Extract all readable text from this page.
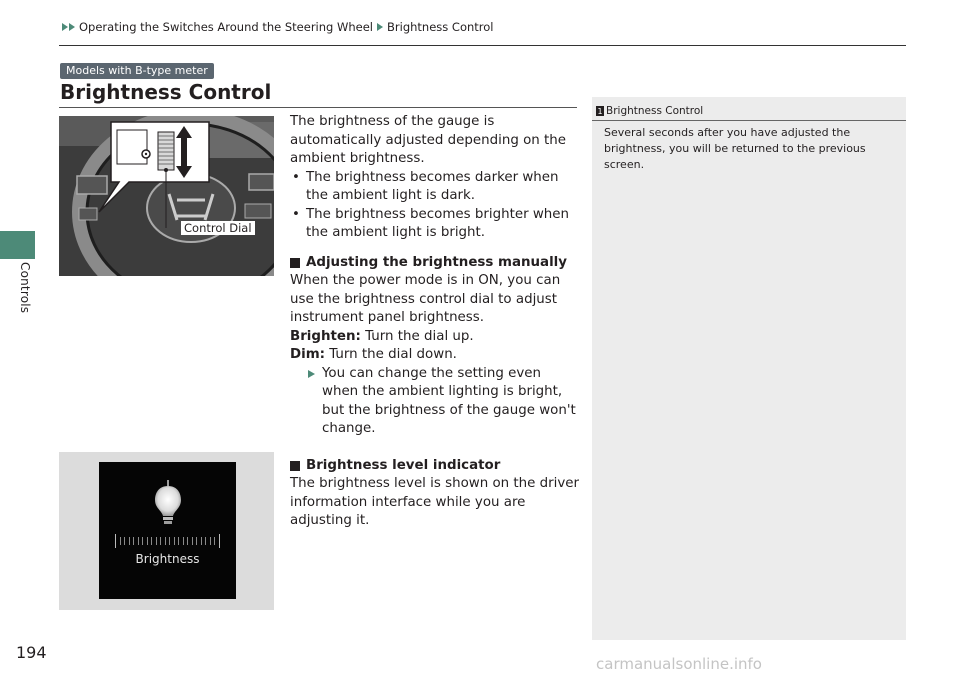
Controls
Operating the Switches Around the Steering Wheel Brightness Control
Models with B-type meter
Brightness Control
Control Dial

The brightness of the gauge is automatically adjusted depending on the ambient brightness.

• The brightness becomes darker when the ambient light is dark.

• The brightness becomes brighter when the ambient light is bright.

Adjusting the brightness manually

When the power mode is in ON, you can use the brightness control dial to adjust instrument panel brightness.

Brighten: Turn the dial up.

Dim: Turn the dial down.

You can change the setting even when the ambient lighting is bright, but the brightness of the gauge won't change.

Brightness level indicator

The brightness level is shown on the driver information interface while you are adjusting it.

Brightness
1 Brightness Control
Several seconds after you have adjusted the brightness, you will be returned to the previous screen.
194
carmanualsonline.info
